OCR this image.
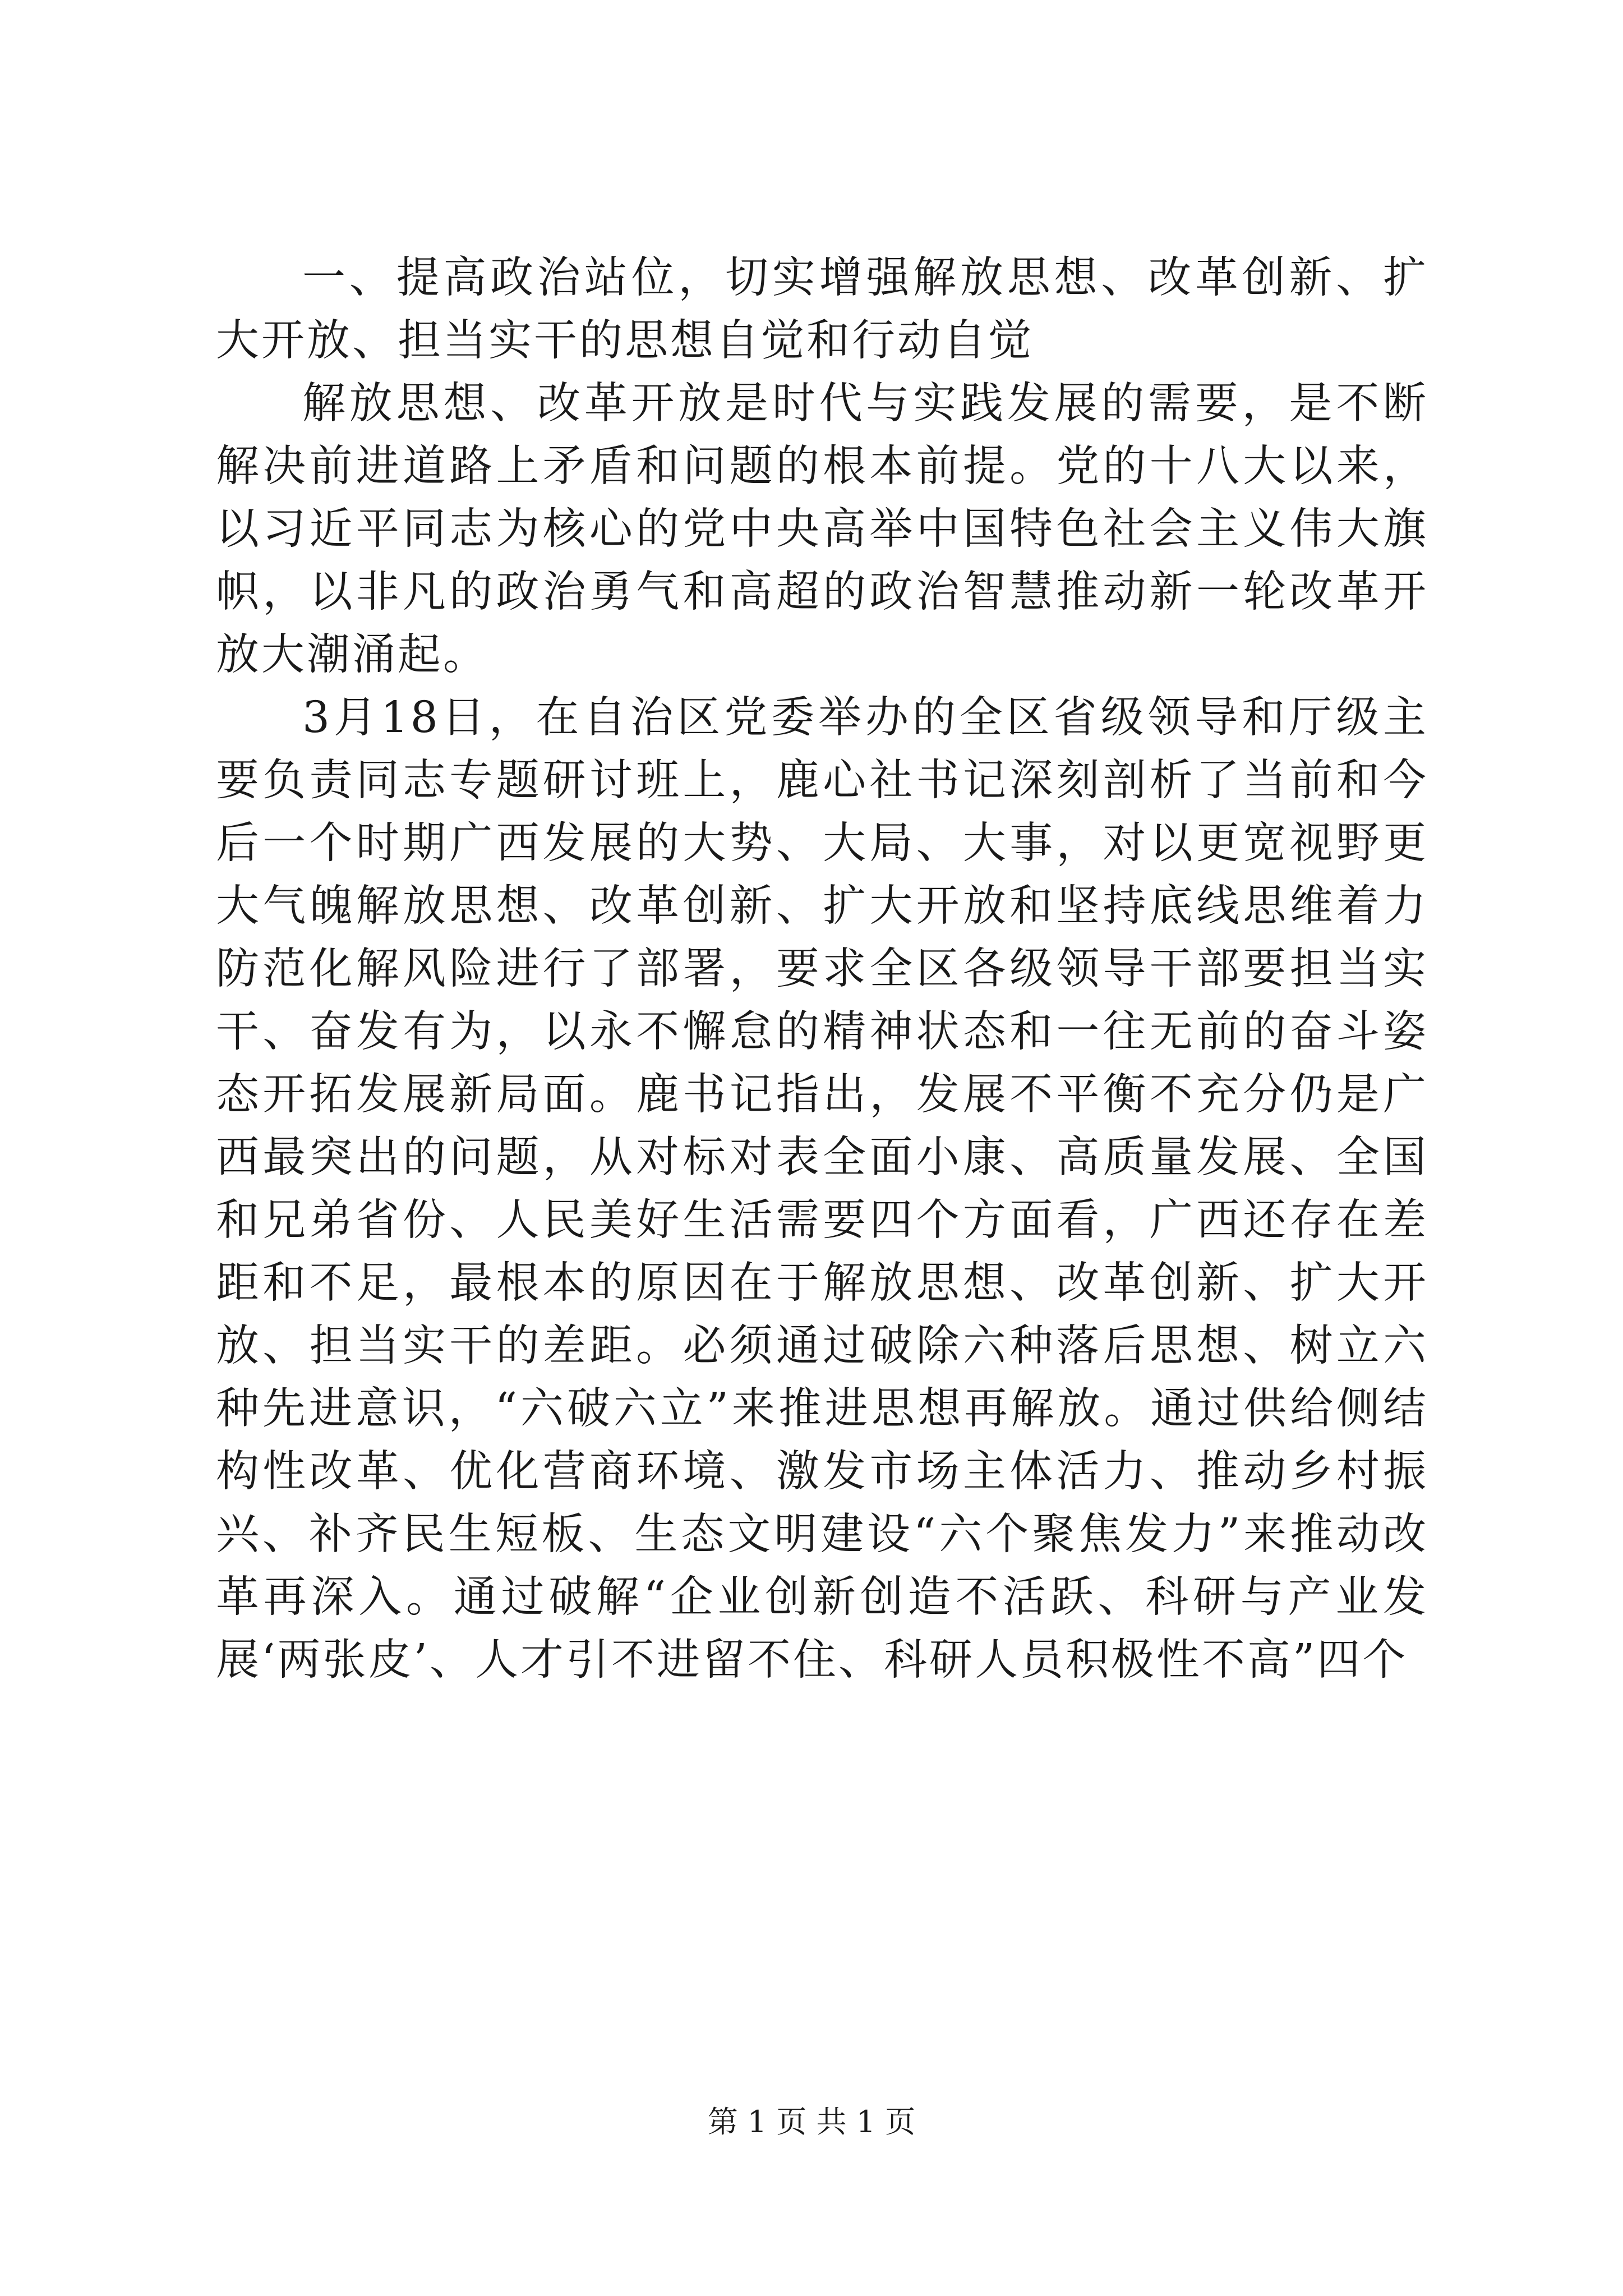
一、提高政治站位，切实增强解放思想、改革创新、扩大开放、担当实干的思想自觉和行动自觉

解放思想、改革开放是时代与实践发展的需要，是不断解决前进道路上矛盾和问题的根本前提。党的十八大以来，以习近平同志为核心的党中央高举中国特色社会主义伟大旗帜，以非凡的政治勇气和高超的政治智慧推动新一轮改革开放大潮涌起。

3月18日，在自治区党委举办的全区省级领导和厅级主要负责同志专题研讨班上，鹿心社书记深刻剖析了当前和今后一个时期广西发展的大势、大局、大事，对以更宽视野更大气魄解放思想、改革创新、扩大开放和坚持底线思维着力防范化解风险进行了部署，要求全区各级领导干部要担当实干、奋发有为，以永不懈怠的精神状态和一往无前的奋斗姿态开拓发展新局面。鹿书记指出，发展不平衡不充分仍是广西最突出的问题，从对标对表全面小康、高质量发展、全国和兄弟省份、人民美好生活需要四个方面看，广西还存在差距和不足，最根本的原因在于解放思想、改革创新、扩大开放、担当实干的差距。必须通过破除六种落后思想、树立六种先进意识，“六破六立”来推进思想再解放。通过供给侧结构性改革、优化营商环境、激发市场主体活力、推动乡村振兴、补齐民生短板、生态文明建设“六个聚焦发力”来推动改革再深入。通过破解“企业创新创造不活跃、科研与产业发展‘两张皮’、人才引不进留不住、科研人员积极性不高”四个

第 1 页 共 1 页
